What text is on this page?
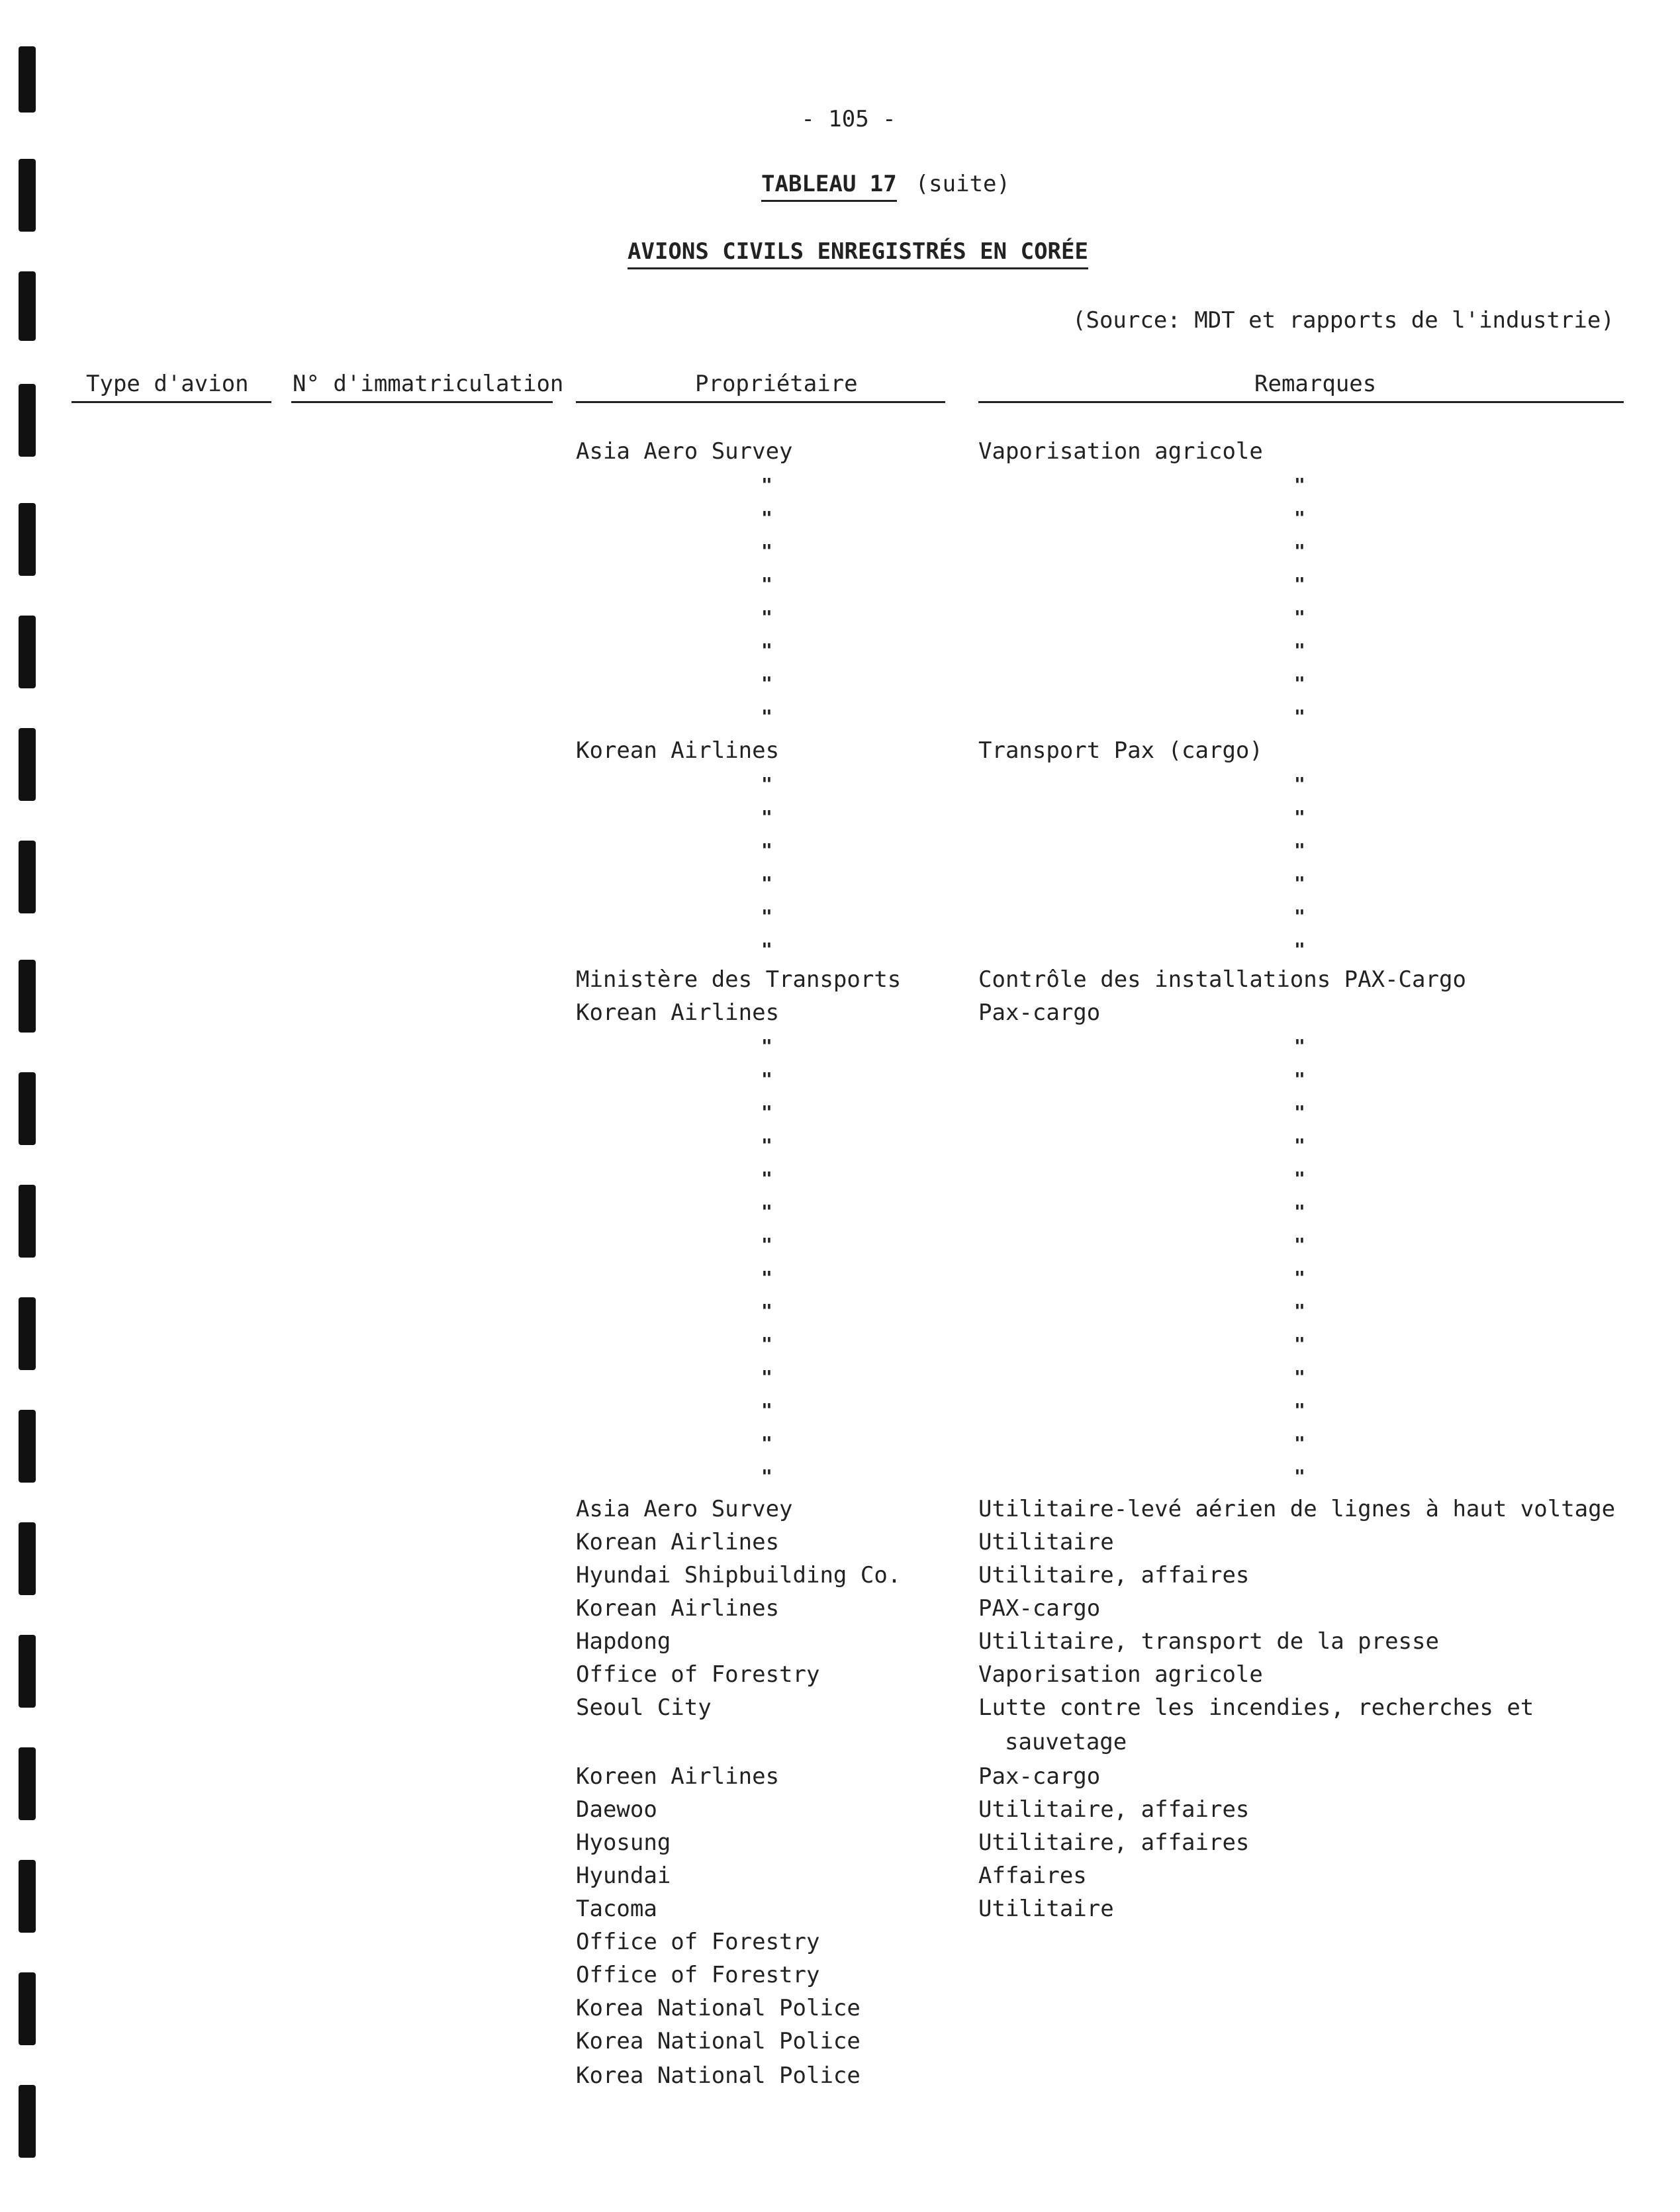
- 105 -
TABLEAU 17 (suite)
AVIONS CIVILS ENREGISTRÉS EN CORÉE
(Source: MDT et rapports de l'industrie)
Type d'avion N° d'immatriculation	Propriétaire	Remarques
Asia Aero Survey	Vaporisation agricole
"	"
"	"
"	"
"	"
"	"
"	"
"	"
"	"
Korean Airlines	Transport Pax (cargo)
"	"
"	"
"	"
"	"
"	"
"	"
Ministère des Transports	Contrôle des installations PAX-Cargo
Korean Airlines	Pax-cargo
"	"
"	"
"	"
"	"
"	"
"	"
"	"
"	"
"	"
"	"
"	"
"	"
"	"
"	"
Asia Aero Survey	Utilitaire-levé aérien de lignes à haut voltage
Korean Airlines	Utilitaire
Hyundai Shipbuilding Co.	Utilitaire, affaires
Korean Airlines	PAX-cargo
Hapdong	Utilitaire, transport de la presse
Office of Forestry	Vaporisation agricole
Seoul City	Lutte contre les incendies, recherches et
sauvetage
Koreen Airlines	Pax-cargo
Daewoo	Utilitaire, affaires
Hyosung	Utilitaire, affaires
Hyundai	Affaires
Tacoma	Utilitaire
Office of Forestry
Office of Forestry
Korea National Police
Korea National Police
Korea National Police
